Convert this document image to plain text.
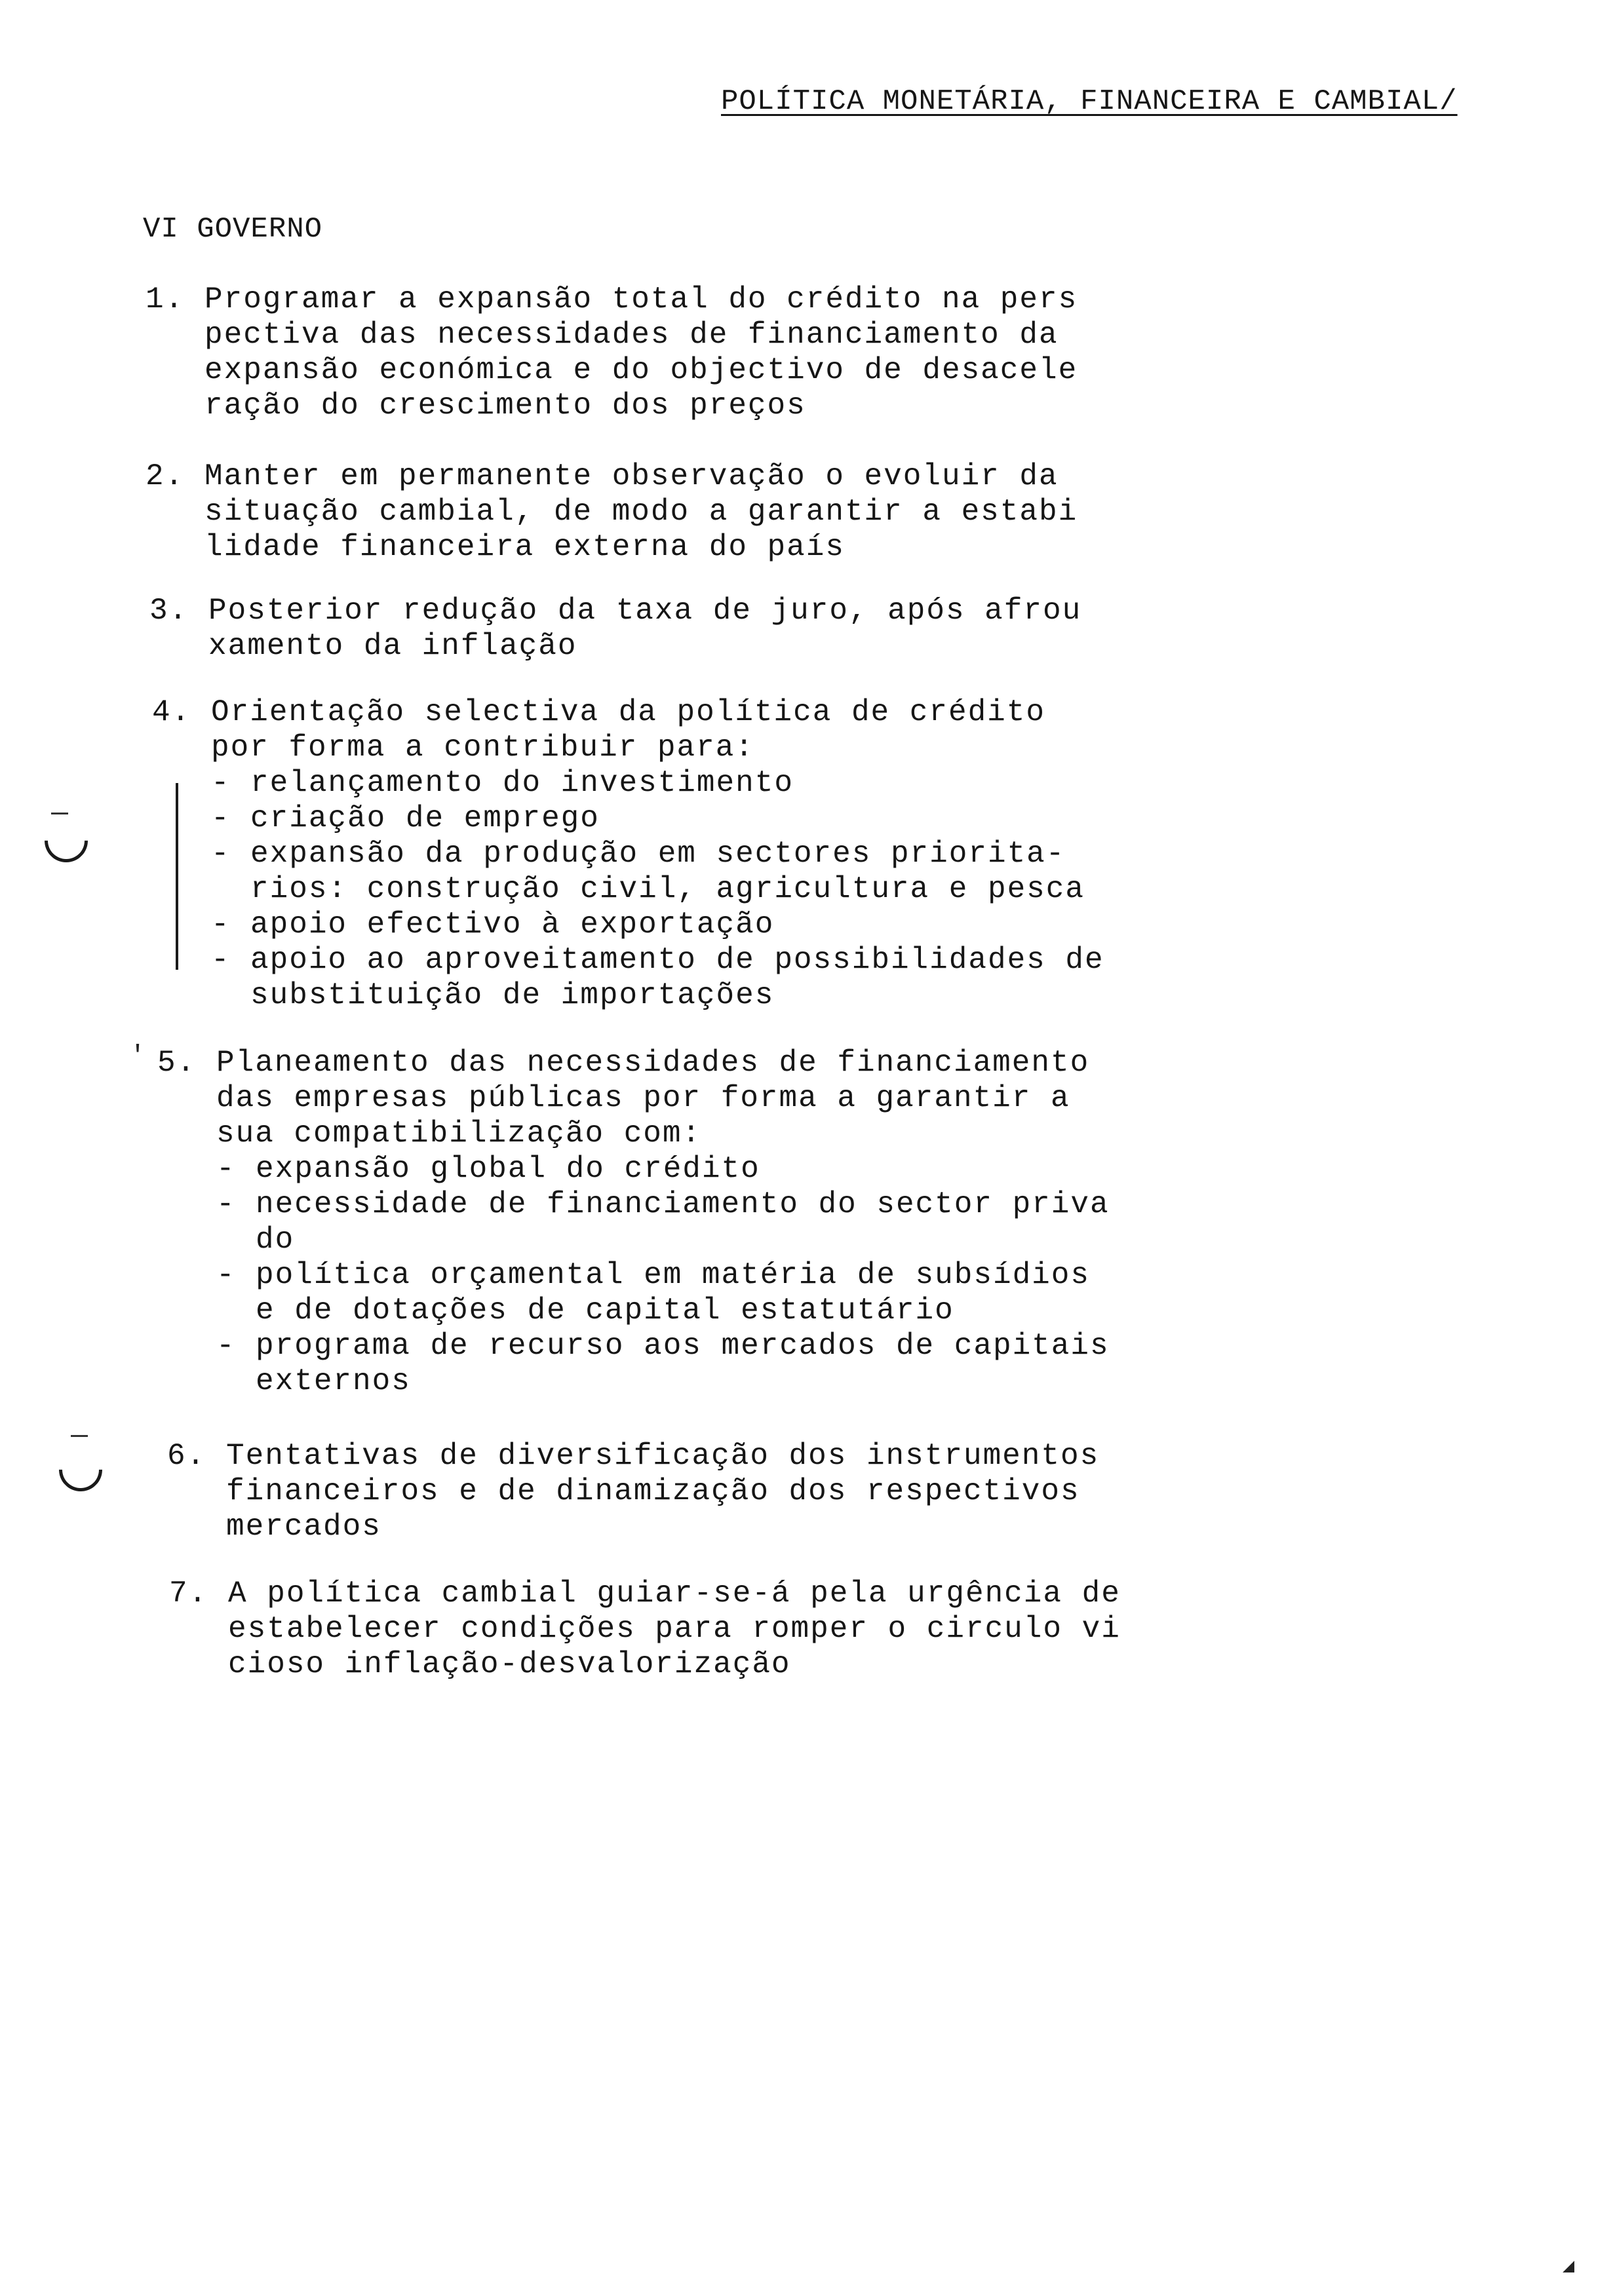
POLÍTICA MONETÁRIA, FINANCEIRA E CAMBIAL/
VI GOVERNO
1. Programar a expansão total do crédito na pers
pectiva das necessidades de financiamento da
expansão económica e do objectivo de desacele
ração do crescimento dos preços
2. Manter em permanente observação o evoluir da
situação cambial, de modo a garantir a estabi
lidade financeira externa do país
3. Posterior redução da taxa de juro, após afrou
xamento da inflação
4. Orientação selectiva da política de crédito
por forma a contribuir para:
- relançamento do investimento
- criação de emprego
- expansão da produção em sectores priorita-
rios: construção civil, agricultura e pesca
- apoio efectivo à exportação
- apoio ao aproveitamento de possibilidades de
substituição de importações
5. Planeamento das necessidades de financiamento
das empresas públicas por forma a garantir a
sua compatibilização com:
- expansão global do crédito
- necessidade de financiamento do sector priva
do
- política orçamental em matéria de subsídios
e de dotações de capital estatutário
- programa de recurso aos mercados de capitais
externos
6. Tentativas de diversificação dos instrumentos
financeiros e de dinamização dos respectivos
mercados
7. A política cambial guiar-se-á pela urgência de
estabelecer condições para romper o circulo vi
cioso inflação-desvalorização
′
◢
